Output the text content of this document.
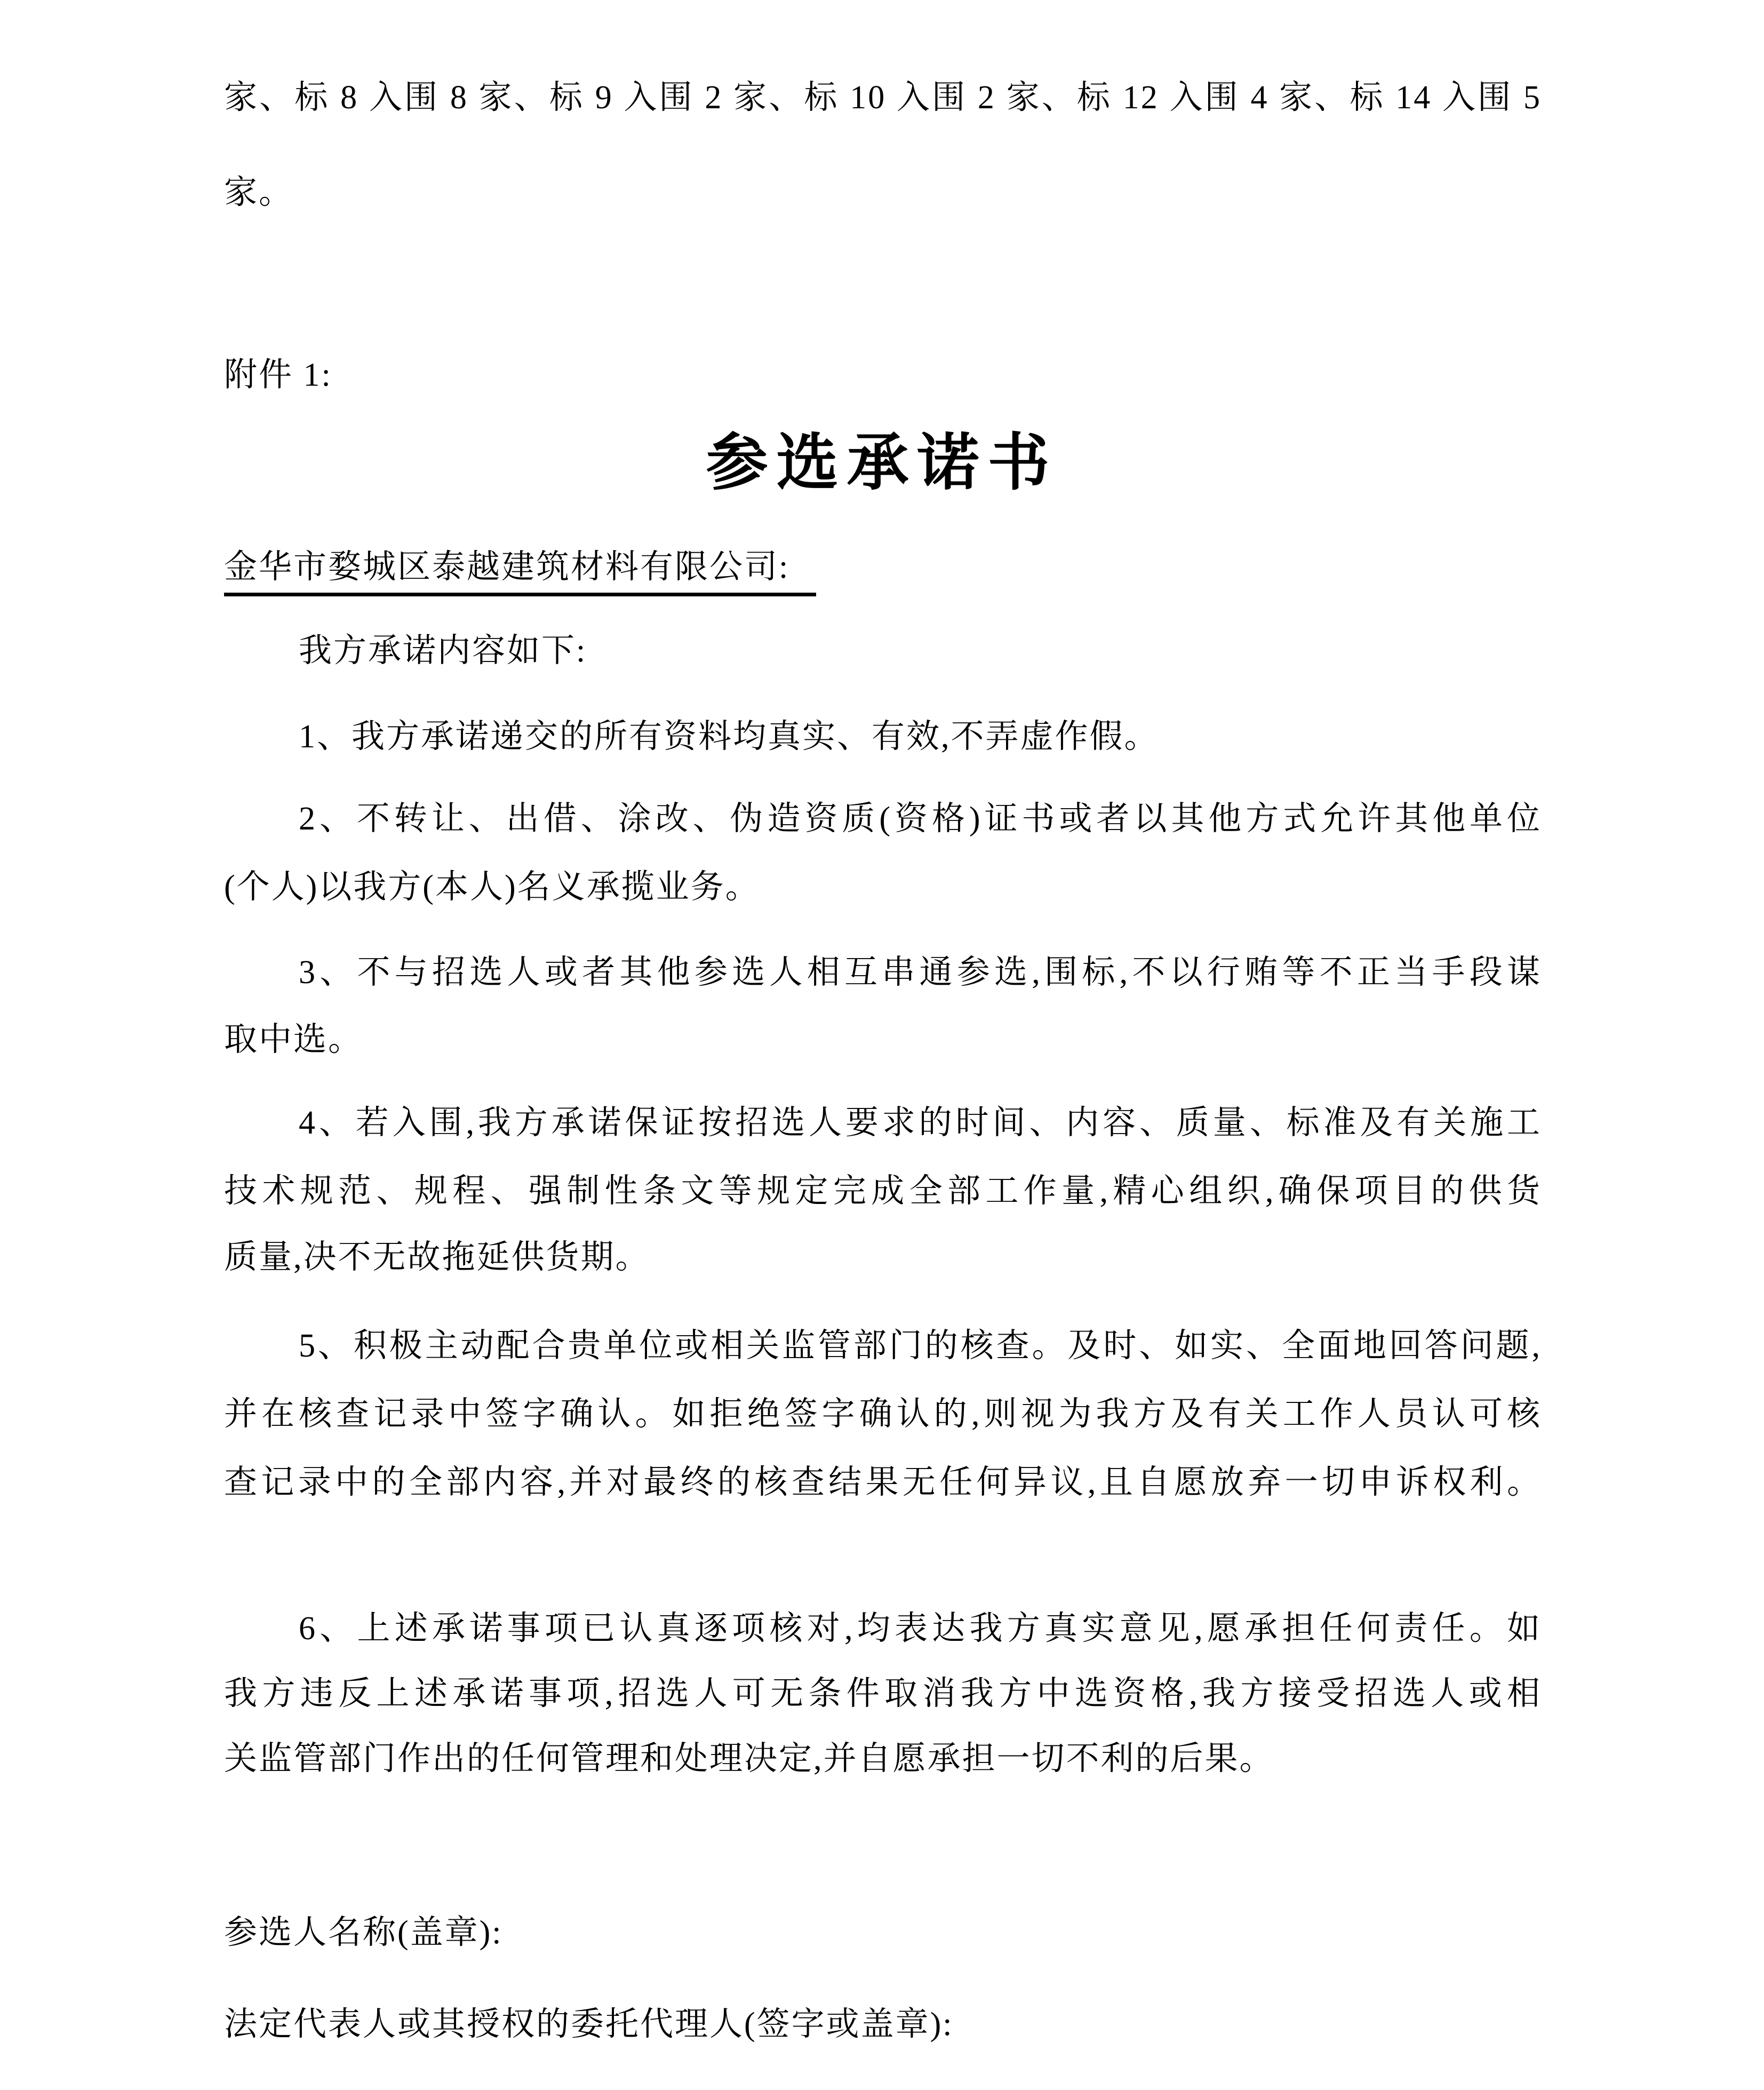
家、标 8 入围 8 家、标 9 入围 2 家、标 10 入围 2 家、标 12 入围 4 家、标 14 入围 5
家。
附件 1:
参选承诺书
金华市婺城区泰越建筑材料有限公司:
我方承诺内容如下:
1、我方承诺递交的所有资料均真实、有效,不弄虚作假。
2、不转让、出借、涂改、伪造资质(资格)证书或者以其他方式允许其他单位
(个人)以我方(本人)名义承揽业务。
3、不与招选人或者其他参选人相互串通参选,围标,不以行贿等不正当手段谋
取中选。
4、若入围,我方承诺保证按招选人要求的时间、内容、质量、标准及有关施工
技术规范、规程、强制性条文等规定完成全部工作量,精心组织,确保项目的供货
质量,决不无故拖延供货期。
5、积极主动配合贵单位或相关监管部门的核查。及时、如实、全面地回答问题,
并在核查记录中签字确认。如拒绝签字确认的,则视为我方及有关工作人员认可核
查记录中的全部内容,并对最终的核查结果无任何异议,且自愿放弃一切申诉权利。
6、上述承诺事项已认真逐项核对,均表达我方真实意见,愿承担任何责任。如
我方违反上述承诺事项,招选人可无条件取消我方中选资格,我方接受招选人或相
关监管部门作出的任何管理和处理决定,并自愿承担一切不利的后果。
参选人名称(盖章):
法定代表人或其授权的委托代理人(签字或盖章):
